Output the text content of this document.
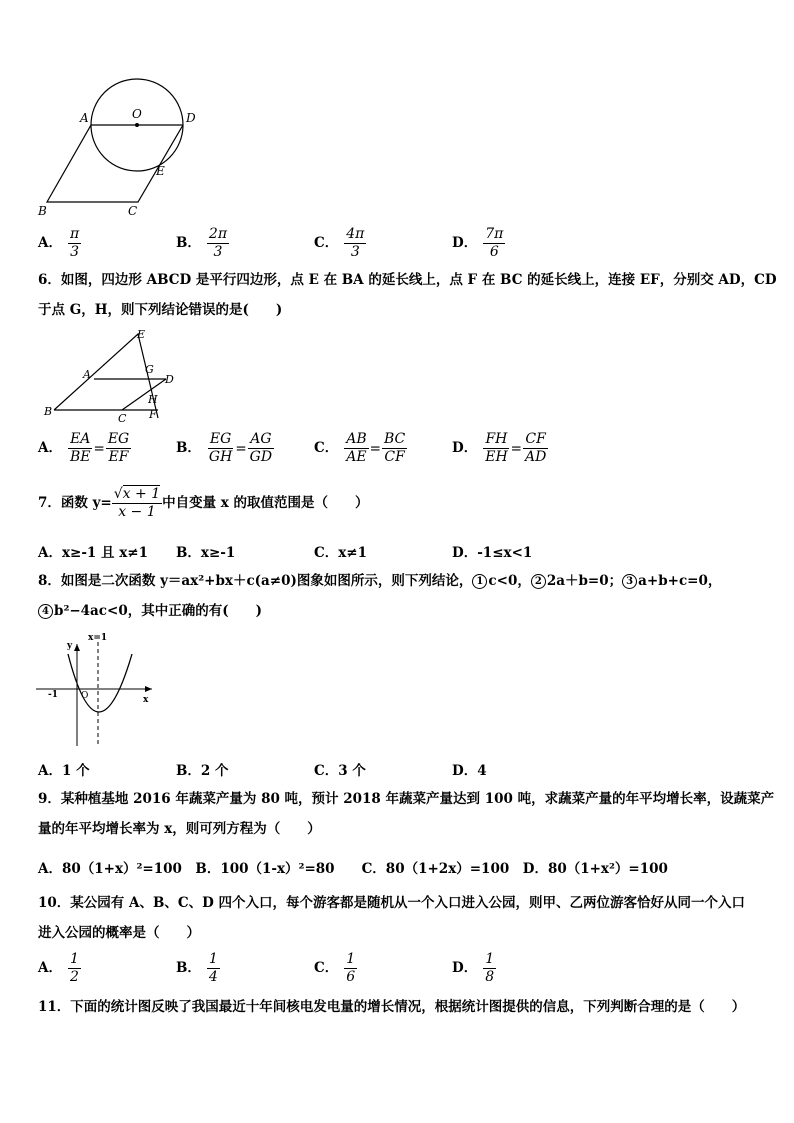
A	O	D
E
B	C
A． $\frac{\pi}{3}$	B． $\frac{2\pi}{3}$	C． $\frac{4\pi}{3}$	D． $\frac{7\pi}{6}$
6．如图，四边形 ABCD 是平行四边形，点 E 在 BA 的延长线上，点 F 在 BC 的延长线上，连接 EF，分别交 AD，CD
于点 G，H，则下列结论错误的是(　　)
E
A	G
D
B
C
H
F
A． $\frac{EA}{BE} = \frac{EG}{EF}$	B． $\frac{EG}{GH} = \frac{AG}{GD}$	C． $\frac{AB}{AE} = \frac{BC}{CF}$	D． $\frac{FH}{EH} = \frac{CF}{AD}$
7．函数 $y= \frac{√x + 1}{x - 1}$ 中自变量 x 的取值范围是（　　）
A．x≥-1 且 x≠1 B．x≥-1	C．x≠1	D．-1≤x<1
8．如图是二次函数 y＝ax²+bx＋c(a≠0)图象如图所示，则下列结论， 1 c<0， 2 2a＋b=0； 3 a+b+c=0，
4 b²−4ac<0，其中正确的有(　　)
y
x=1
-1	O	x
A．1 个	B．2 个	C．3 个	D．4
9．某种植基地 2016 年蔬菜产量为 80 吨，预计 2018 年蔬菜产量达到 100 吨，求蔬菜产量的年平均增长率，设蔬菜产
量的年平均增长率为 x，则可列方程为（　　）
A．80（1+x）²=100　B．100（1-x）²=80　　C．80（1+2x）=100　D．80（1+x²）=100
10．某公园有 A、B、C、D 四个入口，每个游客都是随机从一个入口进入公园，则甲、乙两位游客恰好从同一个入口
进入公园的概率是（　　）
A． $\frac{1}{2}$	B． $\frac{1}{4}$	C． $\frac{1}{6}$	D． $\frac{1}{8}$
11．下面的统计图反映了我国最近十年间核电发电量的增长情况，根据统计图提供的信息，下列判断合理的是（　　）
